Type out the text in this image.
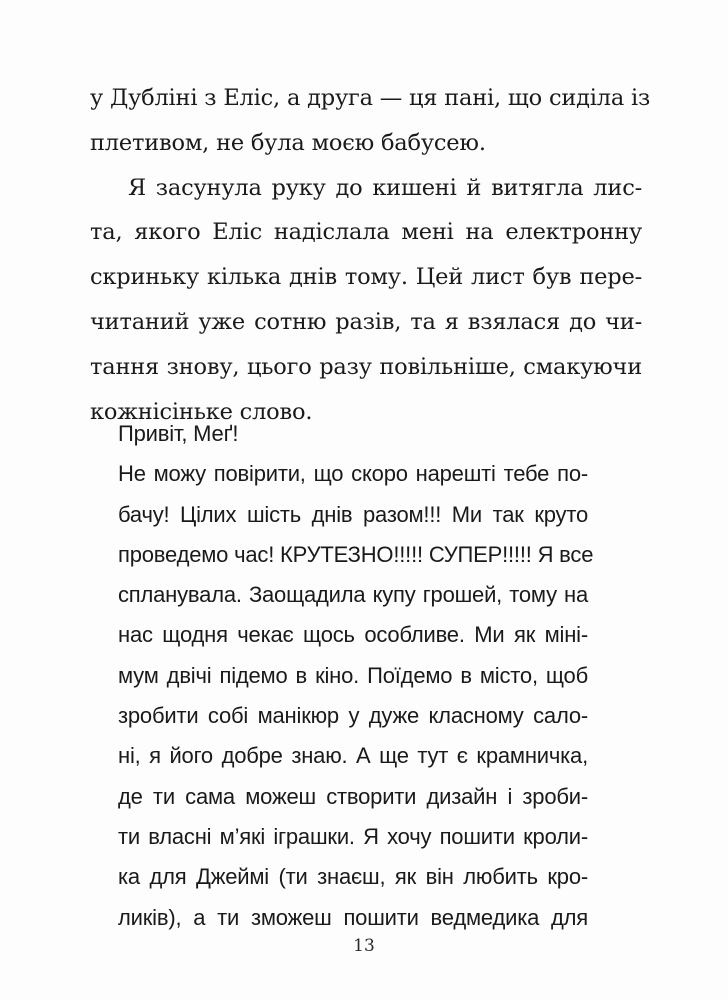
у Дубліні з Еліс, а друга — ця пані, що сиділа із
плетивом, не була моєю бабусею.
Я засунула руку до кишені й витягла лис-
та, якого Еліс надіслала мені на електронну
скриньку кілька днів тому. Цей лист був пере-
читаний уже сотню разів, та я взялася до чи-
тання знову, цього разу повільніше, смакуючи
кожнісіньке слово.
Привіт, Меґ!
Не можу повірити, що скоро нарешті тебе по-
бачу! Цілих шість днів разом!!! Ми так круто
проведемо час! КРУТЕЗНО!!!!! СУПЕР!!!!! Я все
спланувала. Заощадила купу грошей, тому на
нас щодня чекає щось особливе. Ми як міні-
мум двічі підемо в кіно. Поїдемо в місто, щоб
зробити собі манікюр у дуже класному сало-
ні, я його добре знаю. А ще тут є крамничка,
де ти сама можеш створити дизайн і зроби-
ти власні м’які іграшки. Я хочу пошити кроли-
ка для Джеймі (ти знаєш, як він любить кро-
ликів), а ти зможеш пошити ведмедика для
13
